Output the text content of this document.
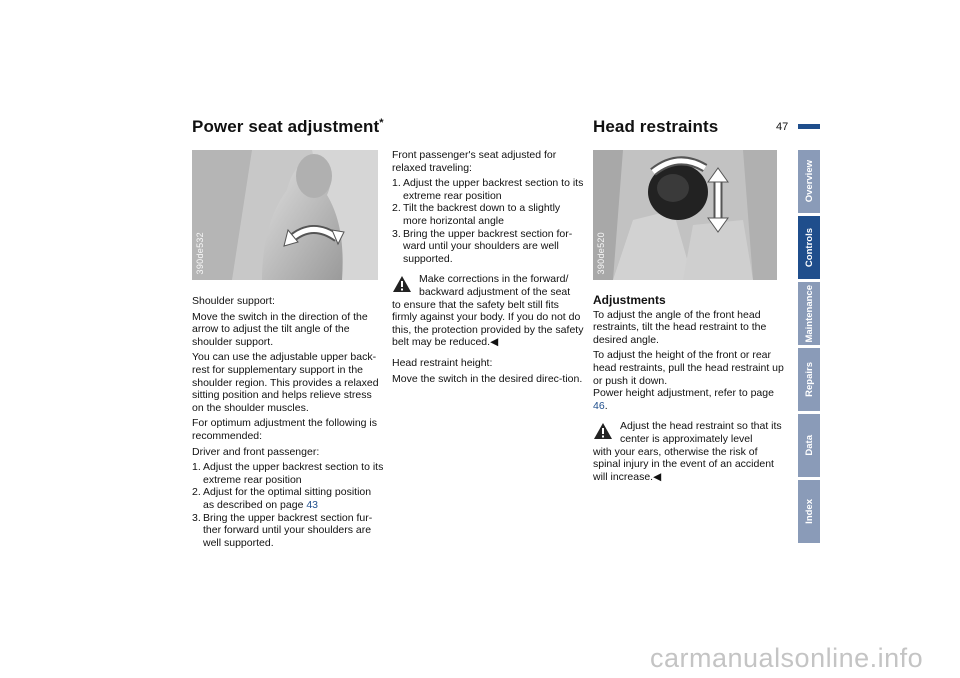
Power seat adjustment*	Head restraints	47
390de532

Shoulder support:

Move the switch in the direction of the arrow to adjust the tilt angle of the shoulder support.

You can use the adjustable upper back-rest for supplementary support in the shoulder region. This provides a relaxed sitting position and helps relieve stress on the shoulder muscles.

For optimum adjustment the following is recommended:

Driver and front passenger:

1. Adjust the upper backrest section to its extreme rear position
2. Adjust for the optimal sitting position as described on page 43
3. Bring the upper backrest section fur-ther forward until your shoulders are well supported.

Front passenger's seat adjusted for relaxed traveling:

1. Adjust the upper backrest section to its extreme rear position
2. Tilt the backrest down to a slightly more horizontal angle
3. Bring the upper backrest section for-ward until your shoulders are well supported.
Make corrections in the forward/ backward adjustment of the seat
to ensure that the safety belt still fits firmly against your body. If you do not do this, the protection provided by the safety belt may be reduced.◀

Head restraint height:

Move the switch in the desired direc-tion.

390de520
Adjustments

To adjust the angle of the front head restraints, tilt the head restraint to the desired angle.

To adjust the height of the front or rear head restraints, pull the head restraint up or push it down.

Power height adjustment, refer to page 46.

Adjust the head restraint so that its center is approximately level
with your ears, otherwise the risk of spinal injury in the event of an accident will increase.◀
Overview
Controls
Maintenance
Repairs
Data
Index
carmanualsonline.info
